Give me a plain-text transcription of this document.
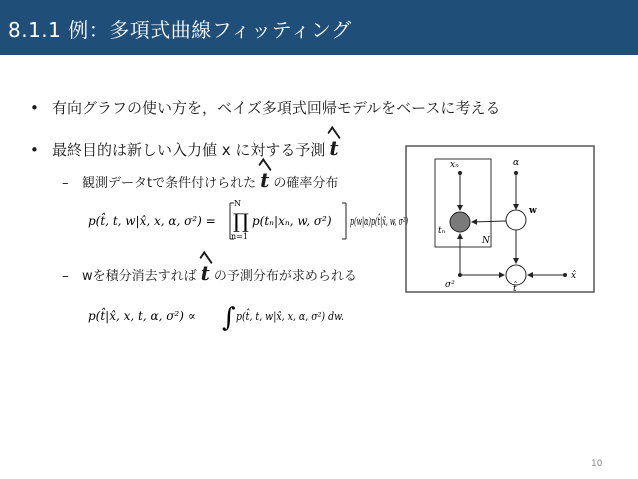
8.1.1 例：多項式曲線フィッティング
• 有向グラフの使い方を，ベイズ多項式回帰モデルをベースに考える
• 最終目的は新しい入力値 x に対する予測 t
– 観測データtで条件付けられた t の確率分布
p(t̂, t, w|x̂, x, α, σ²) =
N
∏
n=1
p(tₙ|xₙ, w, σ²) p(w|α)p(t̂|x̂, w, σ²)
– wを積分消去すれば t の予測分布が求められる
p(t̂|x̂, x, t, α, σ²) ∝ ∫ p(t̂, t, w|x̂, x, α, σ²) dw.
N
xₙ
tₙ
α
w
σ²	t̂
x̂
10
